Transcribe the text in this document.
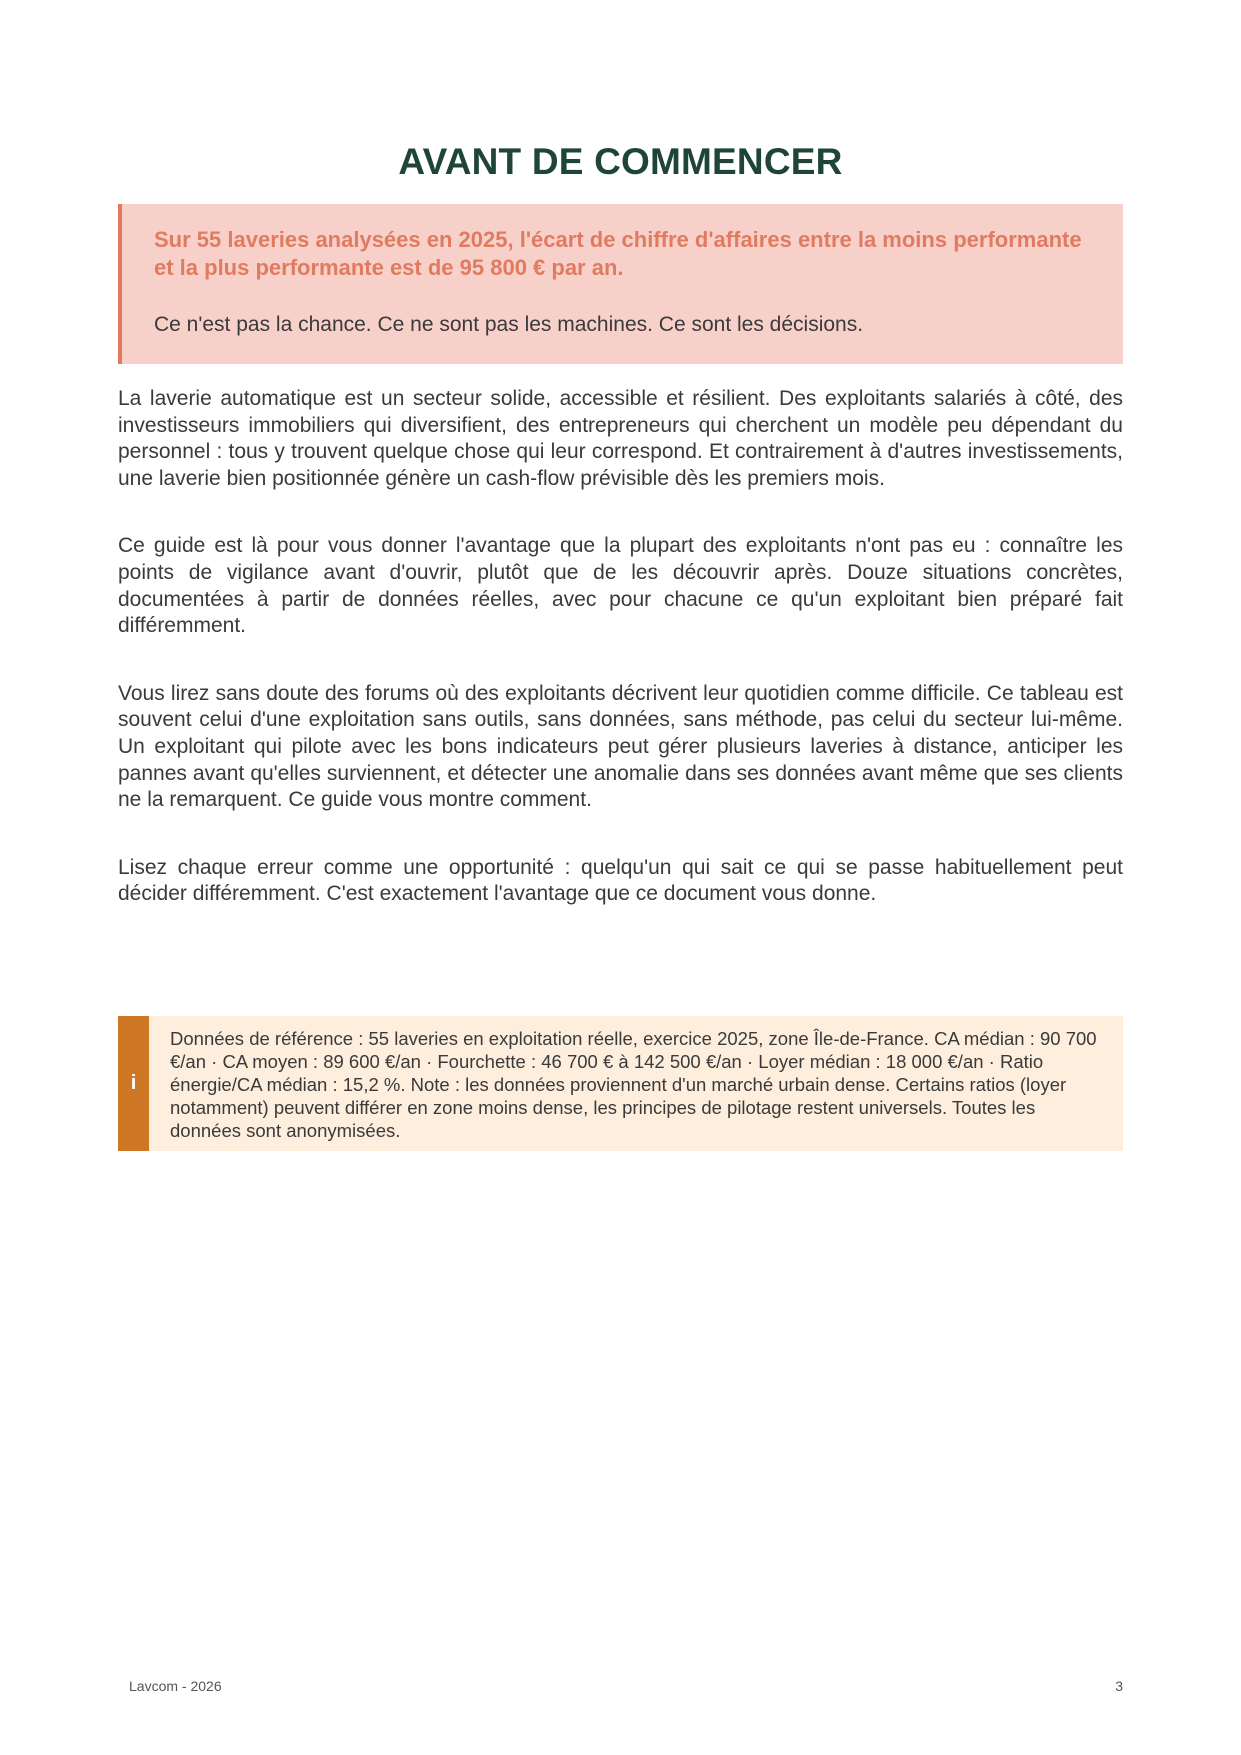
AVANT DE COMMENCER

Sur 55 laveries analysées en 2025, l'écart de chiffre d'affaires entre la moins performante et la plus performante est de 95 800 € par an.

Ce n'est pas la chance. Ce ne sont pas les machines. Ce sont les décisions.

La laverie automatique est un secteur solide, accessible et résilient. Des exploitants salariés à côté, des investisseurs immobiliers qui diversifient, des entrepreneurs qui cherchent un modèle peu dépendant du personnel : tous y trouvent quelque chose qui leur correspond. Et contrairement à d'autres investissements, une laverie bien positionnée génère un cash-flow prévisible dès les premiers mois.

Ce guide est là pour vous donner l'avantage que la plupart des exploitants n'ont pas eu : connaître les points de vigilance avant d'ouvrir, plutôt que de les découvrir après. Douze situations concrètes, documentées à partir de données réelles, avec pour chacune ce qu'un exploitant bien préparé fait différemment.

Vous lirez sans doute des forums où des exploitants décrivent leur quotidien comme difficile. Ce tableau est souvent celui d'une exploitation sans outils, sans données, sans méthode, pas celui du secteur lui-même. Un exploitant qui pilote avec les bons indicateurs peut gérer plusieurs laveries à distance, anticiper les pannes avant qu'elles surviennent, et détecter une anomalie dans ses données avant même que ses clients ne la remarquent. Ce guide vous montre comment.

Lisez chaque erreur comme une opportunité : quelqu'un qui sait ce qui se passe habituellement peut décider différemment. C'est exactement l'avantage que ce document vous donne.

i

Données de référence : 55 laveries en exploitation réelle, exercice 2025, zone Île-de-France. CA médian : 90 700 €/an · CA moyen : 89 600 €/an · Fourchette : 46 700 € à 142 500 €/an · Loyer médian : 18 000 €/an · Ratio énergie/CA médian : 15,2 %. Note : les données proviennent d'un marché urbain dense. Certains ratios (loyer notamment) peuvent différer en zone moins dense, les principes de pilotage restent universels. Toutes les données sont anonymisées.

Lavcom - 2026	3
